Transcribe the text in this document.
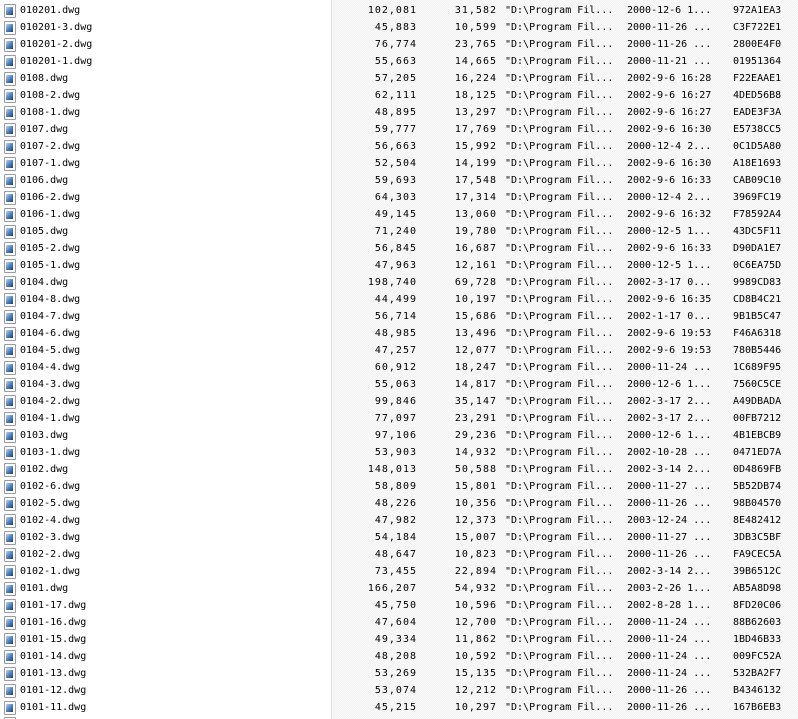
010201.dwg	102,081	31,582 "D:\Program Fil...	2000-12-6 1...	972A1EA3
010201-3.dwg	45,883	10,599 "D:\Program Fil...	2000-11-26 ...	C3F722E1
010201-2.dwg	76,774	23,765 "D:\Program Fil...	2000-11-26 ...	2800E4F0
010201-1.dwg	55,663	14,665 "D:\Program Fil...	2000-11-21 ...	01951364
0108.dwg	57,205	16,224 "D:\Program Fil...	2002-9-6 16:28	F22EAAE1
0108-2.dwg	62,111	18,125 "D:\Program Fil...	2002-9-6 16:27	4DED56B8
0108-1.dwg	48,895	13,297 "D:\Program Fil...	2002-9-6 16:27	EADE3F3A
0107.dwg	59,777	17,769 "D:\Program Fil...	2002-9-6 16:30	E5738CC5
0107-2.dwg	56,663	15,992 "D:\Program Fil...	2000-12-4 2...	0C1D5A80
0107-1.dwg	52,504	14,199 "D:\Program Fil...	2002-9-6 16:30	A18E1693
0106.dwg	59,693	17,548 "D:\Program Fil...	2002-9-6 16:33	CAB09C10
0106-2.dwg	64,303	17,314 "D:\Program Fil...	2000-12-4 2...	3969FC19
0106-1.dwg	49,145	13,060 "D:\Program Fil...	2002-9-6 16:32	F78592A4
0105.dwg	71,240	19,780 "D:\Program Fil...	2000-12-5 1...	43DC5F11
0105-2.dwg	56,845	16,687 "D:\Program Fil...	2002-9-6 16:33	D90DA1E7
0105-1.dwg	47,963	12,161 "D:\Program Fil...	2000-12-5 1...	0C6EA75D
0104.dwg	198,740	69,728 "D:\Program Fil...	2002-3-17 0...	9989CD83
0104-8.dwg	44,499	10,197 "D:\Program Fil...	2002-9-6 16:35	CD8B4C21
0104-7.dwg	56,714	15,686 "D:\Program Fil...	2002-1-17 0...	9B1B5C47
0104-6.dwg	48,985	13,496 "D:\Program Fil...	2002-9-6 19:53	F46A6318
0104-5.dwg	47,257	12,077 "D:\Program Fil...	2002-9-6 19:53	780B5446
0104-4.dwg	60,912	18,247 "D:\Program Fil...	2000-11-24 ...	1C689F95
0104-3.dwg	55,063	14,817 "D:\Program Fil...	2000-12-6 1...	7560C5CE
0104-2.dwg	99,846	35,147 "D:\Program Fil...	2002-3-17 2...	A49DBADA
0104-1.dwg	77,097	23,291 "D:\Program Fil...	2002-3-17 2...	00FB7212
0103.dwg	97,106	29,236 "D:\Program Fil...	2000-12-6 1...	4B1EBCB9
0103-1.dwg	53,903	14,932 "D:\Program Fil...	2002-10-28 ...	0471ED7A
0102.dwg	148,013	50,588 "D:\Program Fil...	2002-3-14 2...	0D4869FB
0102-6.dwg	58,809	15,801 "D:\Program Fil...	2000-11-27 ...	5B52DB74
0102-5.dwg	48,226	10,356 "D:\Program Fil...	2000-11-26 ...	98B04570
0102-4.dwg	47,982	12,373 "D:\Program Fil...	2003-12-24 ...	8E482412
0102-3.dwg	54,184	15,007 "D:\Program Fil...	2000-11-27 ...	3DB3C5BF
0102-2.dwg	48,647	10,823 "D:\Program Fil...	2000-11-26 ...	FA9CEC5A
0102-1.dwg	73,455	22,894 "D:\Program Fil...	2002-3-14 2...	39B6512C
0101.dwg	166,207	54,932 "D:\Program Fil...	2003-2-26 1...	AB5A8D98
0101-17.dwg	45,750	10,596 "D:\Program Fil...	2002-8-28 1...	8FD20C06
0101-16.dwg	47,604	12,700 "D:\Program Fil...	2000-11-24 ...	88B62603
0101-15.dwg	49,334	11,862 "D:\Program Fil...	2000-11-24 ...	1BD46B33
0101-14.dwg	48,208	10,592 "D:\Program Fil...	2000-11-24 ...	009FC52A
0101-13.dwg	53,269	15,135 "D:\Program Fil...	2000-11-24 ...	532BA2F7
0101-12.dwg	53,074	12,212 "D:\Program Fil...	2000-11-26 ...	B4346132
0101-11.dwg	45,215	10,297 "D:\Program Fil...	2000-11-26 ...	167B6EB3
